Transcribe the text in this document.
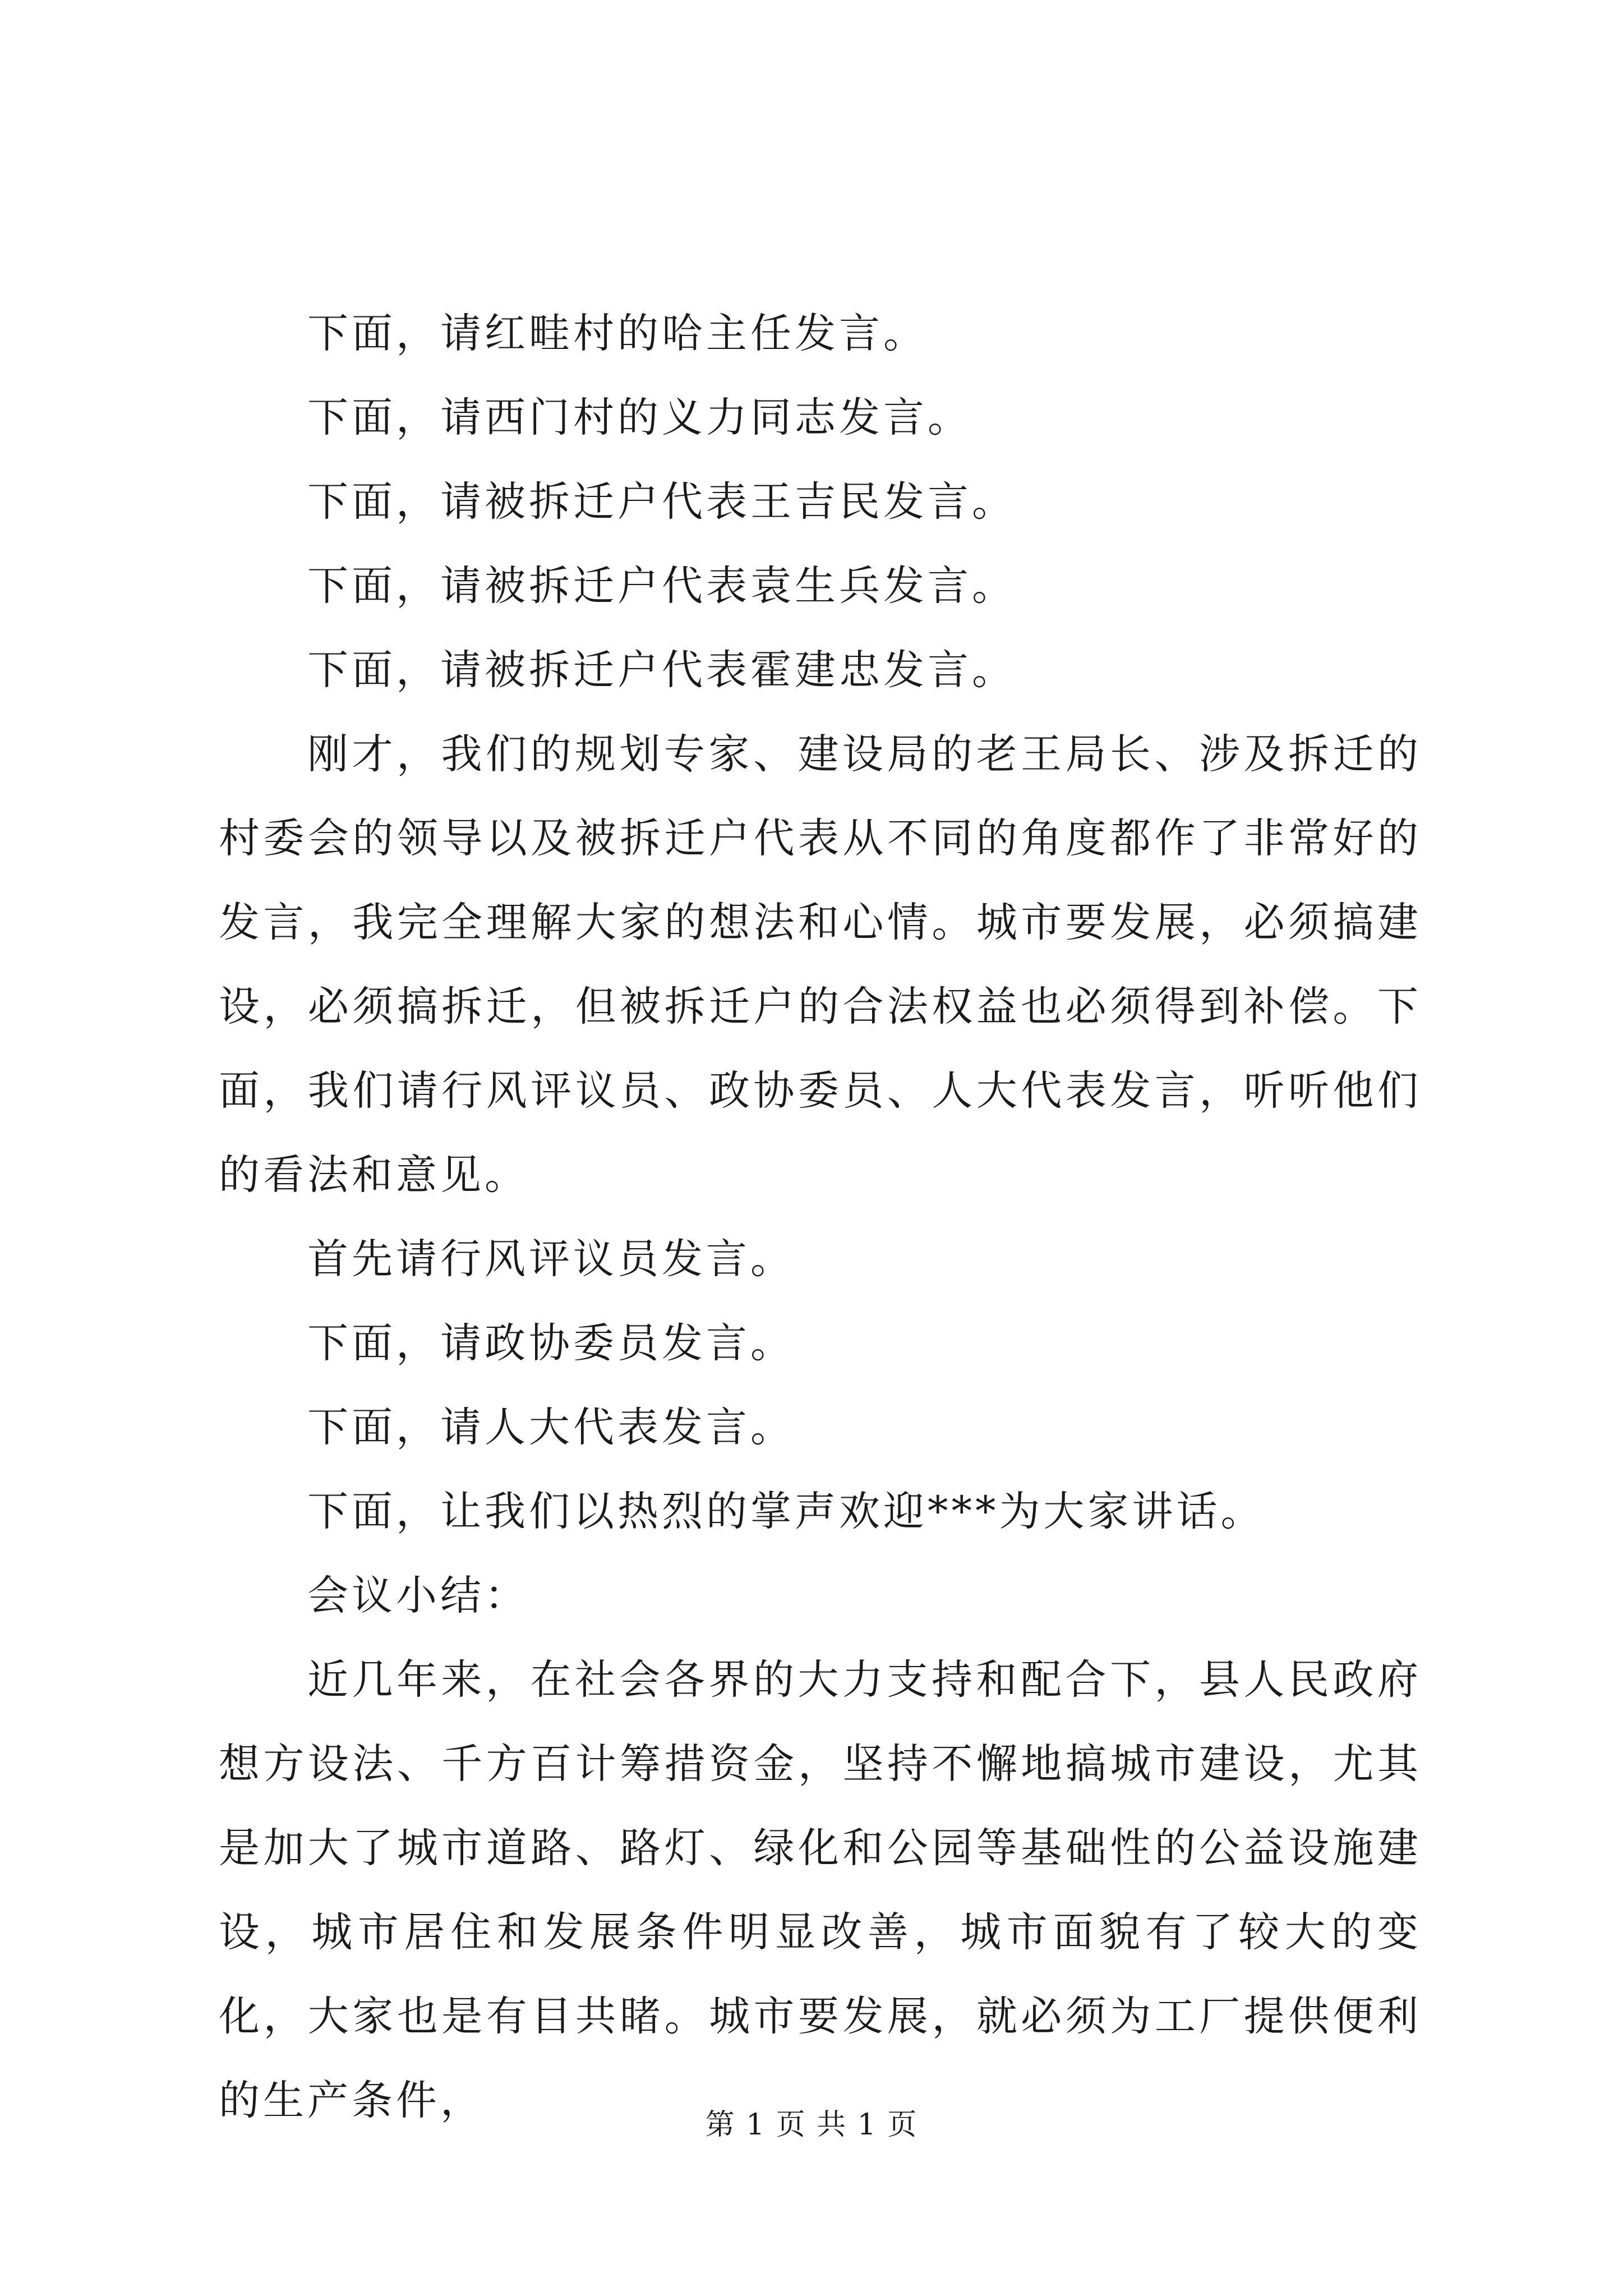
下面，请红畦村的哈主任发言。

下面，请西门村的义力同志发言。

下面，请被拆迁户代表王吉民发言。

下面，请被拆迁户代表袁生兵发言。

下面，请被拆迁户代表霍建忠发言。

刚才，我们的规划专家、建设局的老王局长、涉及拆迁的村委会的领导以及被拆迁户代表从不同的角度都作了非常好的发言，我完全理解大家的想法和心情。城市要发展，必须搞建设，必须搞拆迁，但被拆迁户的合法权益也必须得到补偿。下面，我们请行风评议员、政协委员、人大代表发言，听听他们的看法和意见。

首先请行风评议员发言。

下面，请政协委员发言。

下面，请人大代表发言。

下面，让我们以热烈的掌声欢迎***为大家讲话。

会议小结：

近几年来，在社会各界的大力支持和配合下，县人民政府想方设法、千方百计筹措资金，坚持不懈地搞城市建设，尤其是加大了城市道路、路灯、绿化和公园等基础性的公益设施建设，城市居住和发展条件明显改善，城市面貌有了较大的变化，大家也是有目共睹。城市要发展，就必须为工厂提供便利的生产条件，

第 1 页 共 1 页
